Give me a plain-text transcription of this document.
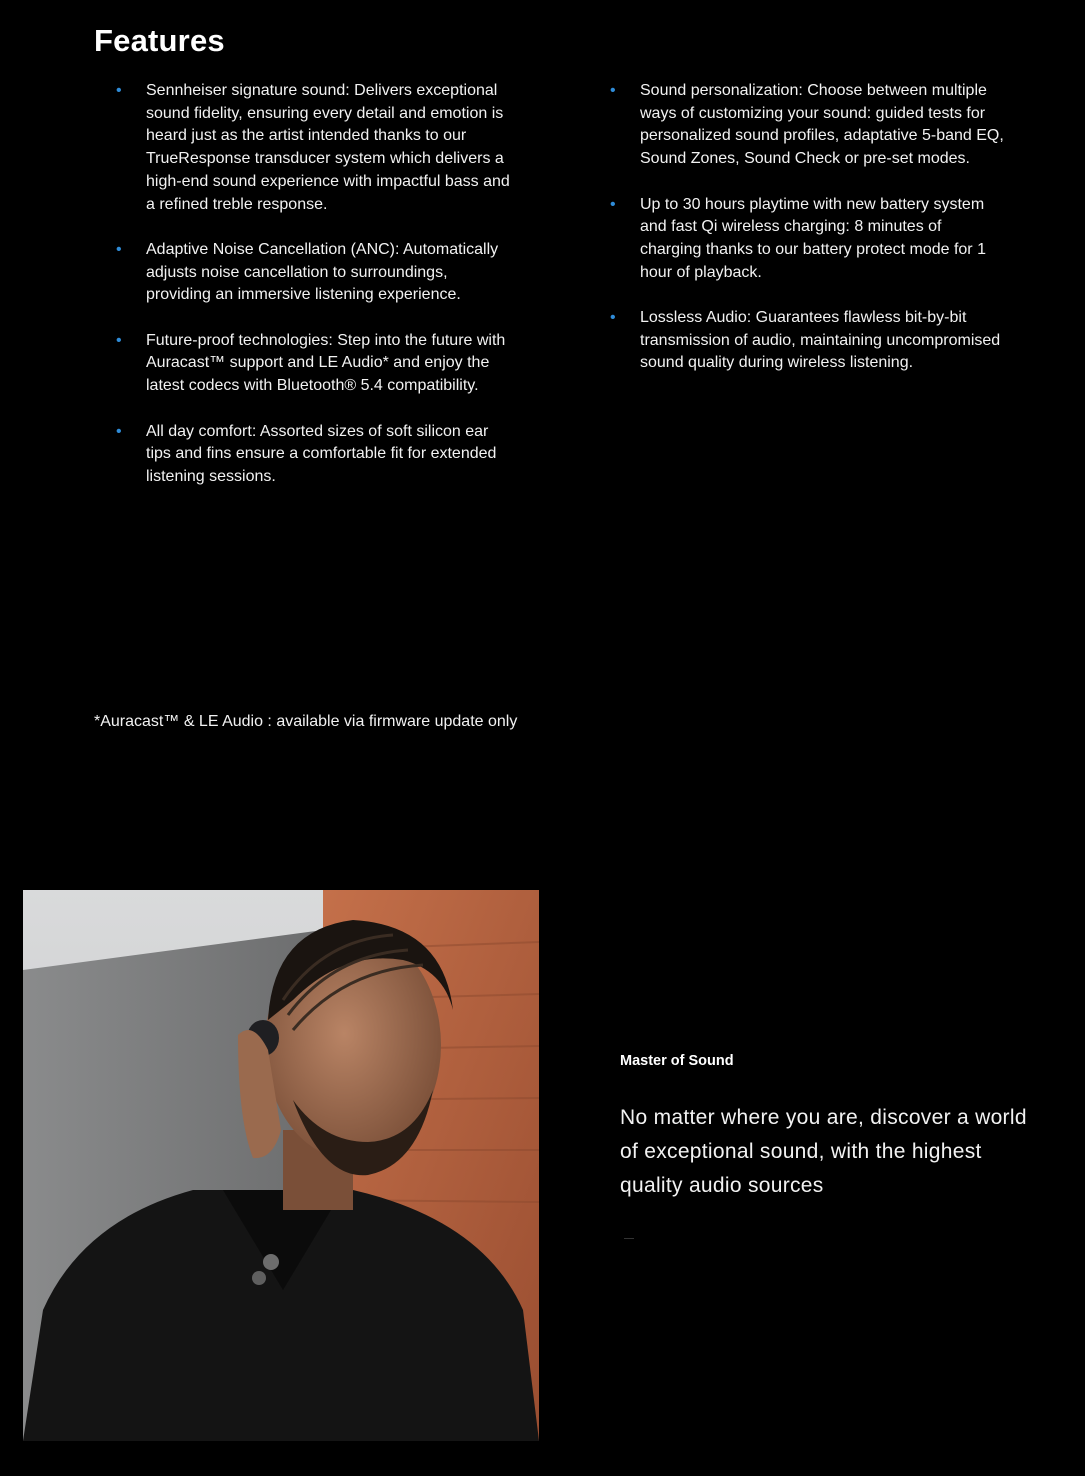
Features
• Sennheiser signature sound: Delivers exceptional sound fidelity, ensuring every detail and emotion is heard just as the artist intended thanks to our TrueResponse transducer system which delivers a high-end sound experience with impactful bass and a refined treble response.
• Adaptive Noise Cancellation (ANC): Automatically adjusts noise cancellation to surroundings, providing an immersive listening experience.
• Future-proof technologies: Step into the future with Auracast™ support and LE Audio* and enjoy the latest codecs with Bluetooth® 5.4 compatibility.
• All day comfort: Assorted sizes of soft silicon ear tips and fins ensure a comfortable fit for extended listening sessions.
• Sound personalization: Choose between multiple ways of customizing your sound: guided tests for personalized sound profiles, adaptative 5-band EQ, Sound Zones, Sound Check or pre-set modes.
• Up to 30 hours playtime with new battery system and fast Qi wireless charging: 8 minutes of charging thanks to our battery protect mode for 1 hour of playback.
• Lossless Audio: Guarantees flawless bit-by-bit transmission of audio, maintaining uncompromised sound quality during wireless listening.
*Auracast™ & LE Audio : available via firmware update only
Master of Sound

No matter where you are, discover a world of exceptional sound, with the highest quality audio sources
